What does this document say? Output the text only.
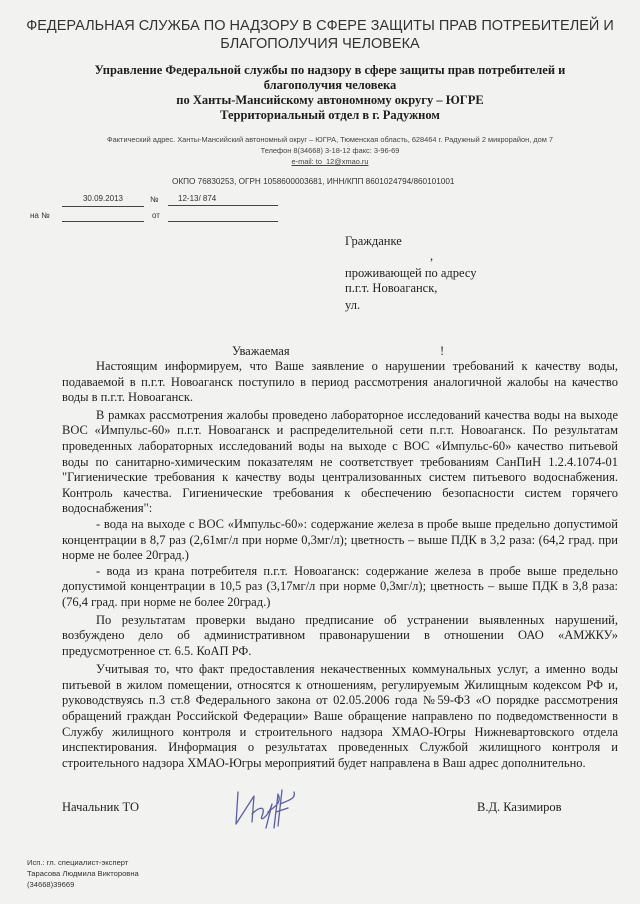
ФЕДЕРАЛЬНАЯ СЛУЖБА ПО НАДЗОРУ В СФЕРЕ ЗАЩИТЫ ПРАВ ПОТРЕБИТЕЛЕЙ И
БЛАГОПОЛУЧИЯ ЧЕЛОВЕКА
Управление Федеральной службы по надзору в сфере защиты прав потребителей и
благополучия человека
по Ханты-Мансийскому автономному округу – ЮГРЕ
Территориальный отдел в г. Радужном
Фактический адрес. Ханты-Мансийский автономный округ – ЮГРА, Тюменская область, 628464 г. Радужный 2 микрорайон, дом 7
Телефон 8(34668) 3-18-12 факс: 3-96-69
e-mail: to_12@xmao.ru
ОКПО 76830253, ОГРН 1058600003681, ИНН/КПП 8601024794/860101001
30.09.2013	№	12-13/ 874
на №	от
Гражданке
,
проживающей по адресу
п.г.т. Новоаганск,
ул.
Уважаемая	!

Настоящим информируем, что Ваше заявление о нарушении требований к качеству воды, подаваемой в п.г.т. Новоаганск поступило в период рассмотрения аналогичной жалобы на качество воды в п.г.т. Новоаганск.

В рамках рассмотрения жалобы проведено лабораторное исследований качества воды на выходе ВОС «Импульс-60» п.г.т. Новоаганск и распределительной сети п.г.т. Новоаганск. По результатам проведенных лабораторных исследований воды на выходе с ВОС «Импульс-60» качество питьевой воды по санитарно-химическим показателям не соответствует требованиям СанПиН 1.2.4.1074-01 "Гигиенические требования к качеству воды централизованных систем питьевого водоснабжения. Контроль качества. Гигиенические требования к обеспечению безопасности систем горячего водоснабжения":

- вода на выходе с ВОС «Импульс-60»: содержание железа в пробе выше предельно допустимой концентрации в 8,7 раз (2,61мг/л при норме 0,3мг/л); цветность – выше ПДК в 3,2 раза: (64,2 град. при норме не более 20град.)

- вода из крана потребителя п.г.т. Новоаганск: содержание железа в пробе выше предельно допустимой концентрации в 10,5 раз (3,17мг/л при норме 0,3мг/л); цветность – выше ПДК в 3,8 раза: (76,4 град. при норме не более 20град.)

По результатам проверки выдано предписание об устранении выявленных нарушений, возбуждено дело об административном правонарушении в отношении ОАО «АМЖКУ» предусмотренное ст. 6.5. КоАП РФ.

Учитывая то, что факт предоставления некачественных коммунальных услуг, а именно воды питьевой в жилом помещении, относятся к отношениям, регулируемым Жилищным кодексом РФ и, руководствуясь п.3 ст.8 Федерального закона от 02.05.2006 года №59-ФЗ «О порядке рассмотрения обращений граждан Российской Федерации» Ваше обращение направлено по подведомственности в Службу жилищного контроля и строительного надзора ХМАО-Югры Нижневартовского отдела инспектирования. Информация о результатах проведенных Службой жилищного контроля и строительного надзора ХМАО-Югры мероприятий будет направлена в Ваш адрес дополнительно.

Начальник ТО	В.Д. Казимиров
Исп.: гл. специалист-эксперт
Тарасова Людмила Викторовна
(34668)39669
